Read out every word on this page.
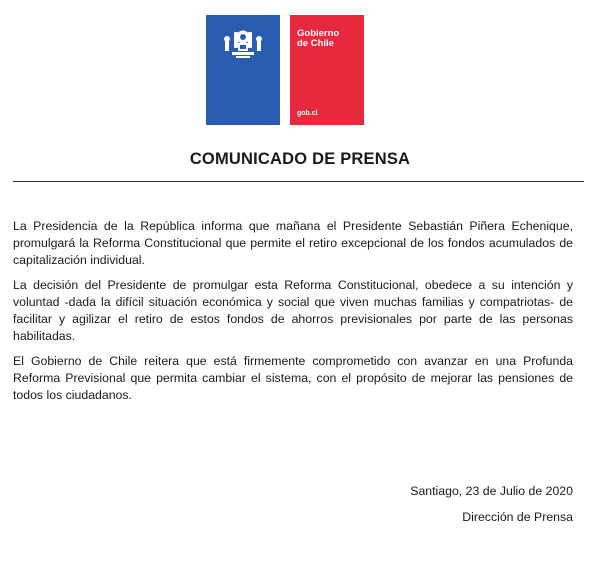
Gobierno
de Chile
gob.cl
COMUNICADO DE PRENSA

La Presidencia de la República informa que mañana el Presidente Sebastián Piñera Echenique, promulgará la Reforma Constitucional que permite el retiro excepcional de los fondos acumulados de capitalización individual.

La decisión del Presidente de promulgar esta Reforma Constitucional, obedece a su intención y voluntad -dada la difícil situación económica y social que viven muchas familias y compatriotas- de facilitar y agilizar el retiro de estos fondos de ahorros previsionales por parte de las personas habilitadas.

El Gobierno de Chile reitera que está firmemente comprometido con avanzar en una Profunda Reforma Previsional que permita cambiar el sistema, con el propósito de mejorar las pensiones de todos los ciudadanos.

Santiago, 23 de Julio de 2020
Dirección de Prensa
